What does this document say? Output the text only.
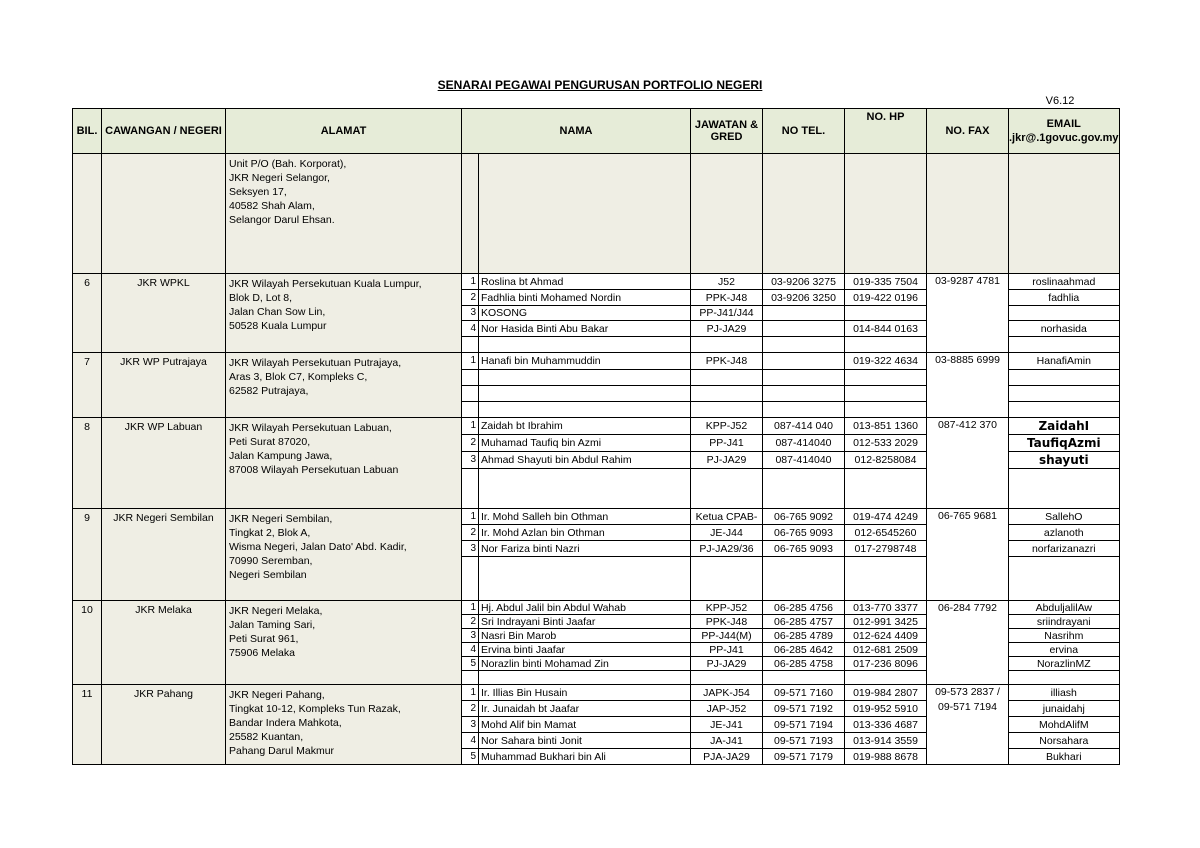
SENARAI PEGAWAI PENGURUSAN PORTFOLIO NEGERI
V6.12
BIL.	CAWANGAN / NEGERI	ALAMAT	NAMA		JAWATAN & GRED	NO TEL.	NO. HP	NO. FAX	EMAIL .jkr@.1govuc.gov.my

		Unit P/O (Bah. Korporat),
JKR Negeri Selangor,
Seksyen 17,
40582 Shah Alam,
Selangor Darul Ehsan.							

6	JKR WPKL	JKR Wilayah Persekutuan Kuala Lumpur,
Blok D, Lot 8,
Jalan Chan Sow Lin,
50528 Kuala Lumpur	1	Roslina bt Ahmad	J52	03-9206 3275	019-335 7504	03-9287 4781	roslinaahmad
			2	Fadhlia binti Mohamed Nordin	PPK-J48	03-9206 3250	019-422 0196		fadhlia
			3	KOSONG	PP-J41/J44				
			4	Nor Hasida Binti Abu Bakar	PJ-JA29		014-844 0163		norhasida

7	JKR WP Putrajaya	JKR Wilayah Persekutuan Putrajaya,
Aras 3, Blok C7, Kompleks C,
62582 Putrajaya,	1	Hanafi bin Muhammuddin	PPK-J48		019-322 4634	03-8885 6999	HanafiAmin

8	JKR WP Labuan	JKR Wilayah Persekutuan Labuan,
Peti Surat 87020,
Jalan Kampung Jawa,
87008 Wilayah Persekutuan Labuan	1	Zaidah bt Ibrahim	KPP-J52	087-414 040	013-851 1360	087-412 370	ZaidahI
			2	Muhamad Taufiq bin Azmi	PP-J41	087-414040	012-533 2029		TaufiqAzmi
			3	Ahmad Shayuti bin Abdul Rahim	PJ-JA29	087-414040	012-8258084		shayuti

9	JKR Negeri Sembilan	JKR Negeri Sembilan,
Tingkat 2, Blok A,
Wisma Negeri, Jalan Dato' Abd. Kadir,
70990 Seremban,
Negeri Sembilan	1	Ir. Mohd Salleh bin Othman	Ketua CPAB-	06-765 9092	019-474 4249	06-765 9681	SallehO
			2	Ir. Mohd Azlan bin Othman	JE-J44	06-765 9093	012-6545260		azlanoth
			3	Nor Fariza binti Nazri	PJ-JA29/36	06-765 9093	017-2798748		norfarizanazri

10	JKR Melaka	JKR Negeri Melaka,
Jalan Taming Sari,
Peti Surat 961,
75906 Melaka	1	Hj. Abdul Jalil bin Abdul Wahab	KPP-J52	06-285 4756	013-770 3377	06-284 7792	AbduljalilAw
			2	Sri Indrayani Binti Jaafar	PPK-J48	06-285 4757	012-991 3425		sriindrayani
			3	Nasri Bin Marob	PP-J44(M)	06-285 4789	012-624 4409		Nasrihm
			4	Ervina binti Jaafar	PP-J41	06-285 4642	012-681 2509		ervina
			5	Norazlin binti Mohamad Zin	PJ-JA29	06-285 4758	017-236 8096		NorazlinMZ

11	JKR Pahang	JKR Negeri Pahang,
Tingkat 10-12, Kompleks Tun Razak,
Bandar Indera Mahkota,
25582 Kuantan,
Pahang Darul Makmur	1	Ir. Illias Bin Husain	JAPK-J54	09-571 7160	019-984 2807	09-573 2837 / 09-571 7194	illiash
			2	Ir. Junaidah bt Jaafar	JAP-J52	09-571 7192	019-952 5910		junaidahj
			3	Mohd Alif bin Mamat	JE-J41	09-571 7194	013-336 4687		MohdAlifM
			4	Nor Sahara binti Jonit	JA-J41	09-571 7193	013-914 3559		Norsahara
			5	Muhammad Bukhari bin Ali	PJA-JA29	09-571 7179	019-988 8678		Bukhari
